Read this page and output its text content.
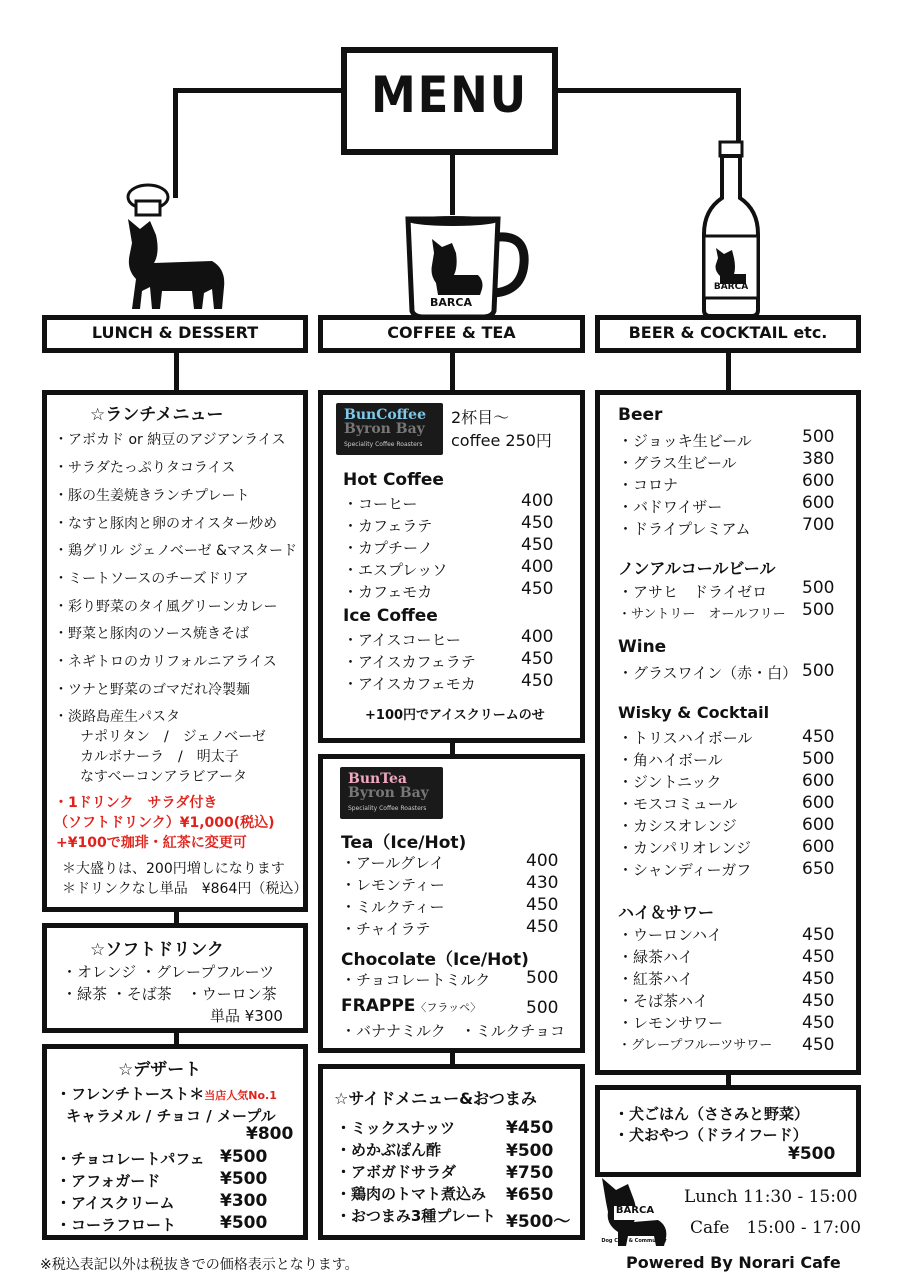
MENU
BARCA
BARCA
LUNCH & DESSERT	COFFEE & TEA	BEER & COCKTAIL etc.
☆ランチメニュー
・アボカド or 納豆のアジアンライス
・サラダたっぷりタコライス
・豚の生姜焼きランチプレート
・なすと豚肉と卵のオイスター炒め
・鶏グリル ジェノベーゼ &マスタード
・ミートソースのチーズドリア
・彩り野菜のタイ風グリーンカレー
・野菜と豚肉のソース焼きそば
・ネギトロのカリフォルニアライス
・ツナと野菜のゴマだれ冷製麺
・淡路島産生パスタ
ナポリタン　/　ジェノベーゼ
カルボナーラ　/　明太子
なすベーコンアラビアータ
・1ドリンク　サラダ付き
（ソフトドリンク）¥1,000(税込)
+¥100で珈琲・紅茶に変更可
＊大盛りは、200円増しになります
＊ドリンクなし単品　¥864円（税込）
☆ソフトドリンク
・オレンジ ・グレープフルーツ
・緑茶 ・そば茶　・ウーロン茶
単品 ¥300
☆デザート
・フレンチトースト＊当店人気No.1
キャラメル / チョコ / メープル
¥800
・チョコレートパフェ ¥500
・アフォガード	¥500
・アイスクリーム	¥300
・コーラフロート	¥500
BunCoffee
Byron Bay
Speciality Coffee Roasters
2杯目～
coffee 250円
Hot Coffee
・コーヒー	400
・カフェラテ	450
・カプチーノ	450
・エスプレッソ	400
・カフェモカ	450
Ice Coffee
・アイスコーヒー	400
・アイスカフェラテ	450
・アイスカフェモカ	450
+100円でアイスクリームのせ
BunTea
Byron Bay
Speciality Coffee Roasters
Tea（Ice/Hot)
・アールグレイ	400
・レモンティー	430
・ミルクティー	450
・チャイラテ	450
Chocolate（Ice/Hot)
・チョコレートミルク 500
FRAPPE〈フラッペ〉	500
・バナナミルク　・ミルクチョコ
☆サイドメニュー&おつまみ
・ミックスナッツ	¥450
・めかぶぽん酢	¥500
・アボガドサラダ	¥750
・鶏肉のトマト煮込み ¥650
・おつまみ3種プレート ¥500～
Beer
・ジョッキ生ビール	500
・グラス生ビール	380
・コロナ	600
・バドワイザー	600
・ドライプレミアム	700
ノンアルコールビール
・アサヒ　ドライゼロ 500
・サントリー　オールフリー 500
Wine
・グラスワイン（赤・白） 500
Wisky & Cocktail
・トリスハイボール	450
・角ハイボール	500
・ジントニック	600
・モスコミュール	600
・カシスオレンジ	600
・カンパリオレンジ	600
・シャンディーガフ	650
ハイ＆サワー
・ウーロンハイ	450
・緑茶ハイ	450
・紅茶ハイ	450
・そば茶ハイ	450
・レモンサワー	450
・グレープフルーツサワー 450
・犬ごはん（ささみと野菜）
・犬おやつ（ドライフード）
¥500
BARCA
Dog Cafe & Community
Lunch 11:30 - 15:00
Cafe　15:00 - 17:00
※税込表記以外は税抜きでの価格表示となります。	Powered By Norari Cafe
